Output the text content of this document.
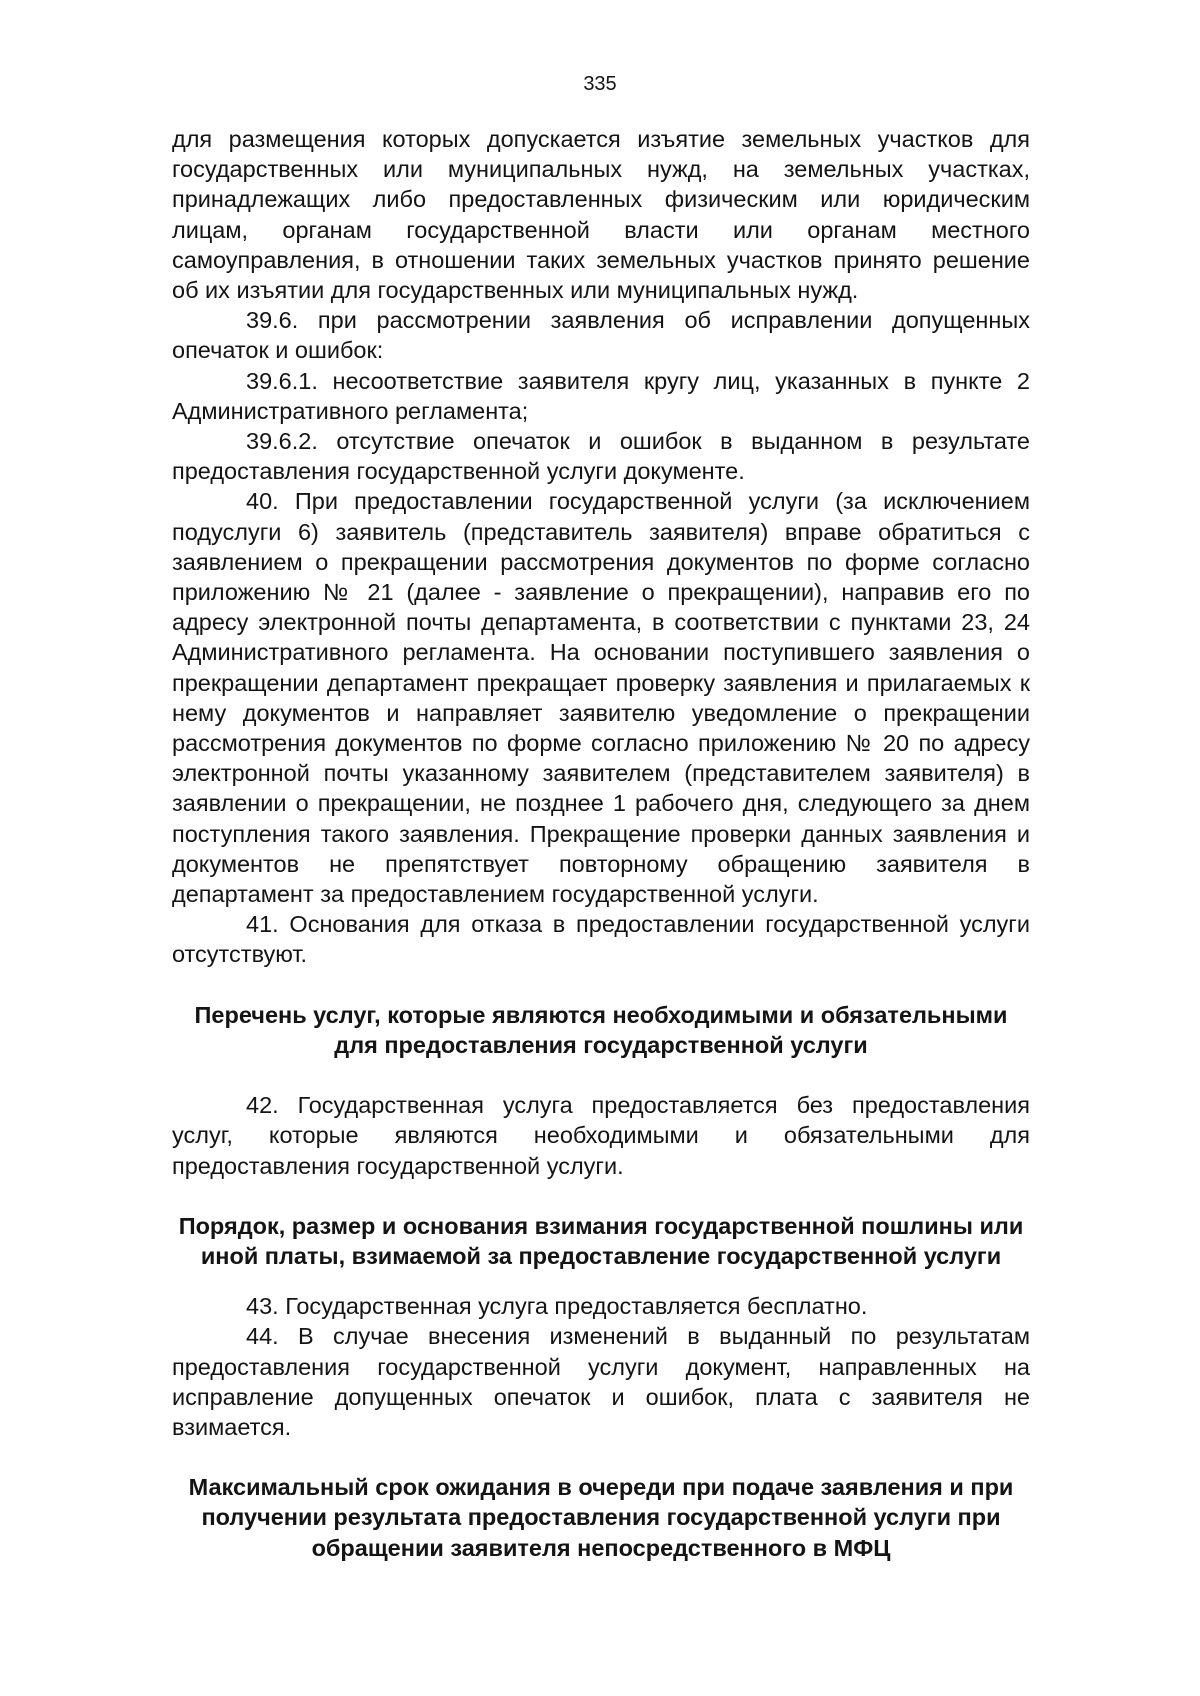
335

для размещения которых допускается изъятие земельных участков для государственных или муниципальных нужд, на земельных участках, принадлежащих либо предоставленных физическим или юридическим лицам, органам государственной власти или органам местного самоуправления, в отношении таких земельных участков принято решение об их изъятии для государственных или муниципальных нужд.

39.6. при рассмотрении заявления об исправлении допущенных опечаток и ошибок:

39.6.1. несоответствие заявителя кругу лиц, указанных в пункте 2 Административного регламента;

39.6.2. отсутствие опечаток и ошибок в выданном в результате предоставления государственной услуги документе.

40. При предоставлении государственной услуги (за исключением подуслуги 6) заявитель (представитель заявителя) вправе обратиться с заявлением о прекращении рассмотрения документов по форме согласно приложению № 21 (далее - заявление о прекращении), направив его по адресу электронной почты департамента, в соответствии с пунктами 23, 24 Административного регламента. На основании поступившего заявления о прекращении департамент прекращает проверку заявления и прилагаемых к нему документов и направляет заявителю уведомление о прекращении рассмотрения документов по форме согласно приложению № 20 по адресу электронной почты указанному заявителем (представителем заявителя) в заявлении о прекращении, не позднее 1 рабочего дня, следующего за днем поступления такого заявления. Прекращение проверки данных заявления и документов не препятствует повторному обращению заявителя в департамент за предоставлением государственной услуги.

41. Основания для отказа в предоставлении государственной услуги отсутствуют.

Перечень услуг, которые являются необходимыми и обязательными для предоставления государственной услуги

42. Государственная услуга предоставляется без предоставления услуг, которые являются необходимыми и обязательными для предоставления государственной услуги.

Порядок, размер и основания взимания государственной пошлины или иной платы, взимаемой за предоставление государственной услуги

43. Государственная услуга предоставляется бесплатно.

44. В случае внесения изменений в выданный по результатам предоставления государственной услуги документ, направленных на исправление допущенных опечаток и ошибок, плата с заявителя не взимается.

Максимальный срок ожидания в очереди при подаче заявления и при получении результата предоставления государственной услуги при обращении заявителя непосредственного в МФЦ
